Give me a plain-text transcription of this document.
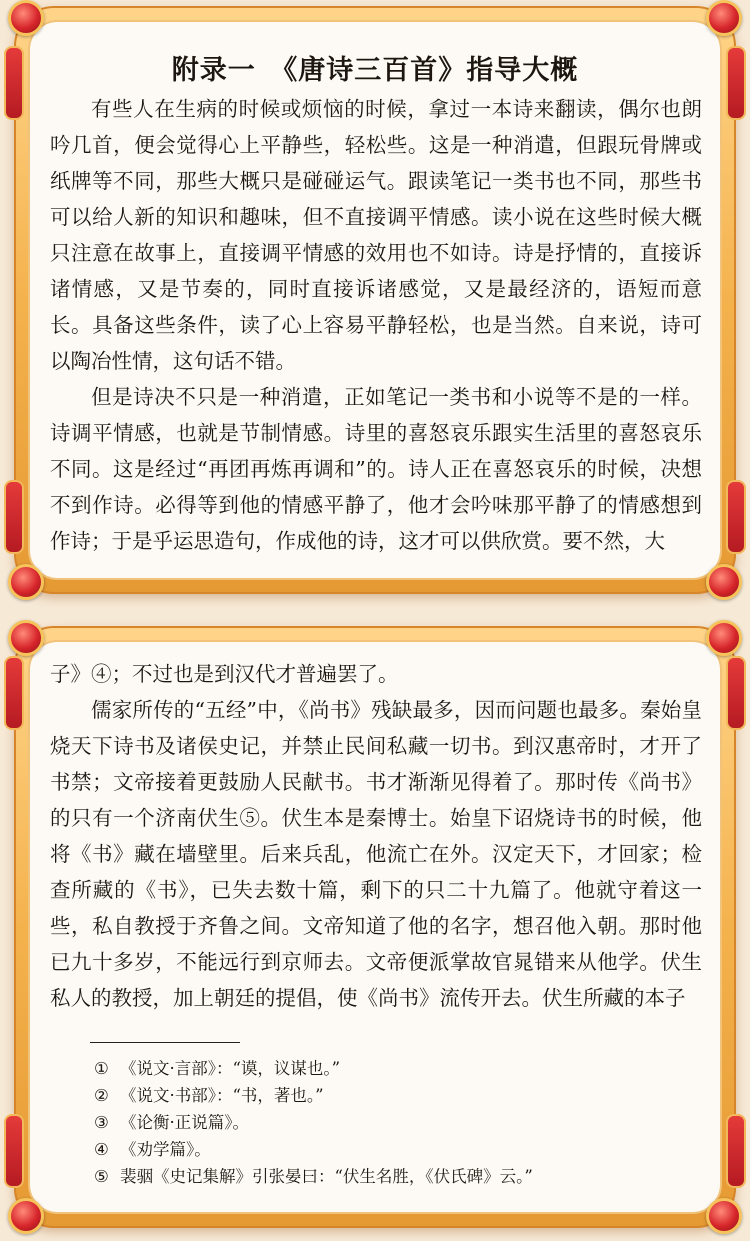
附录一　《唐诗三百首》指导大概

有些人在生病的时候或烦恼的时候，拿过一本诗来翻读，偶尔也朗吟几首，便会觉得心上平静些，轻松些。这是一种消遣，但跟玩骨牌或纸牌等不同，那些大概只是碰碰运气。跟读笔记一类书也不同，那些书可以给人新的知识和趣味，但不直接调平情感。读小说在这些时候大概只注意在故事上，直接调平情感的效用也不如诗。诗是抒情的，直接诉诸情感，又是节奏的，同时直接诉诸感觉，又是最经济的，语短而意长。具备这些条件，读了心上容易平静轻松，也是当然。自来说，诗可以陶冶性情，这句话不错。

但是诗决不只是一种消遣，正如笔记一类书和小说等不是的一样。诗调平情感，也就是节制情感。诗里的喜怒哀乐跟实生活里的喜怒哀乐不同。这是经过“再团再炼再调和”的。诗人正在喜怒哀乐的时候，决想不到作诗。必得等到他的情感平静了，他才会吟味那平静了的情感想到作诗；于是乎运思造句，作成他的诗，这才可以供欣赏。要不然，大

子》④；不过也是到汉代才普遍罢了。

儒家所传的“五经”中，《尚书》残缺最多，因而问题也最多。秦始皇烧天下诗书及诸侯史记，并禁止民间私藏一切书。到汉惠帝时，才开了书禁；文帝接着更鼓励人民献书。书才渐渐见得着了。那时传《尚书》的只有一个济南伏生⑤。伏生本是秦博士。始皇下诏烧诗书的时候，他将《书》藏在墙壁里。后来兵乱，他流亡在外。汉定天下，才回家；检查所藏的《书》，已失去数十篇，剩下的只二十九篇了。他就守着这一些，私自教授于齐鲁之间。文帝知道了他的名字，想召他入朝。那时他已九十多岁，不能远行到京师去。文帝便派掌故官晁错来从他学。伏生私人的教授，加上朝廷的提倡，使《尚书》流传开去。伏生所藏的本子

① 《说文·言部》：“谟，议谋也。”
② 《说文·书部》：“书，著也。”
③ 《论衡·正说篇》。
④ 《劝学篇》。
⑤ 裴骃《史记集解》引张晏曰：“伏生名胜，《伏氏碑》云。”
